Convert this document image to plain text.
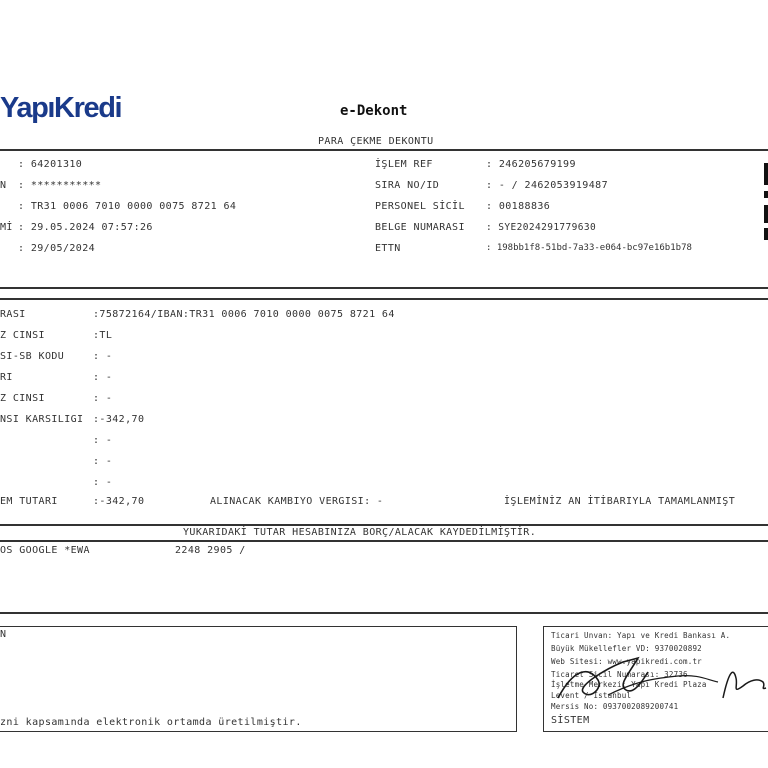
YapıKredi	e-Dekont
PARA ÇEKME DEKONTU
: 64201310
N : ***********
: TR31 0006 7010 0000 0075 8721 64
Mİ : 29.05.2024 07:57:26
: 29/05/2024
İŞLEM REF	: 246205679199
SIRA NO/ID	: - / 2462053919487
PERSONEL SİCİL : 00188836
BELGE NUMARASI : SYE2024291779630
ETTN	: 198bb1f8-51bd-7a33-e064-bc97e16b1b78
RASI	:75872164/IBAN:TR31 0006 7010 0000 0075 8721 64
Z CINSI	:TL
SI-SB KODU	: -
RI	: -
Z CINSI	: -
NSI KARSILIGI :-342,70
: -
: -
: -
EM TUTARI	:-342,70	ALINACAK KAMBIYO VERGISI: -	İŞLEMİNİZ AN İTİBARIYLA TAMAMLANMIŞT
YUKARIDAKİ TUTAR HESABINIZA BORÇ/ALACAK KAYDEDİLMİŞTİR.
OS GOOGLE *EWA	2248 2905 /
N
zni kapsamında elektronik ortamda üretilmiştir.
Ticari Unvan: Yapı ve Kredi Bankası A.
Büyük Mükellefler VD: 9370020892
Web Sitesi: www.yapikredi.com.tr
Ticaret Sicil Numarası: 32736
İşletme Merkezi: Yapı Kredi Plaza
Levent / İstanbul
Mersis No: 0937002089200741
SİSTEM
